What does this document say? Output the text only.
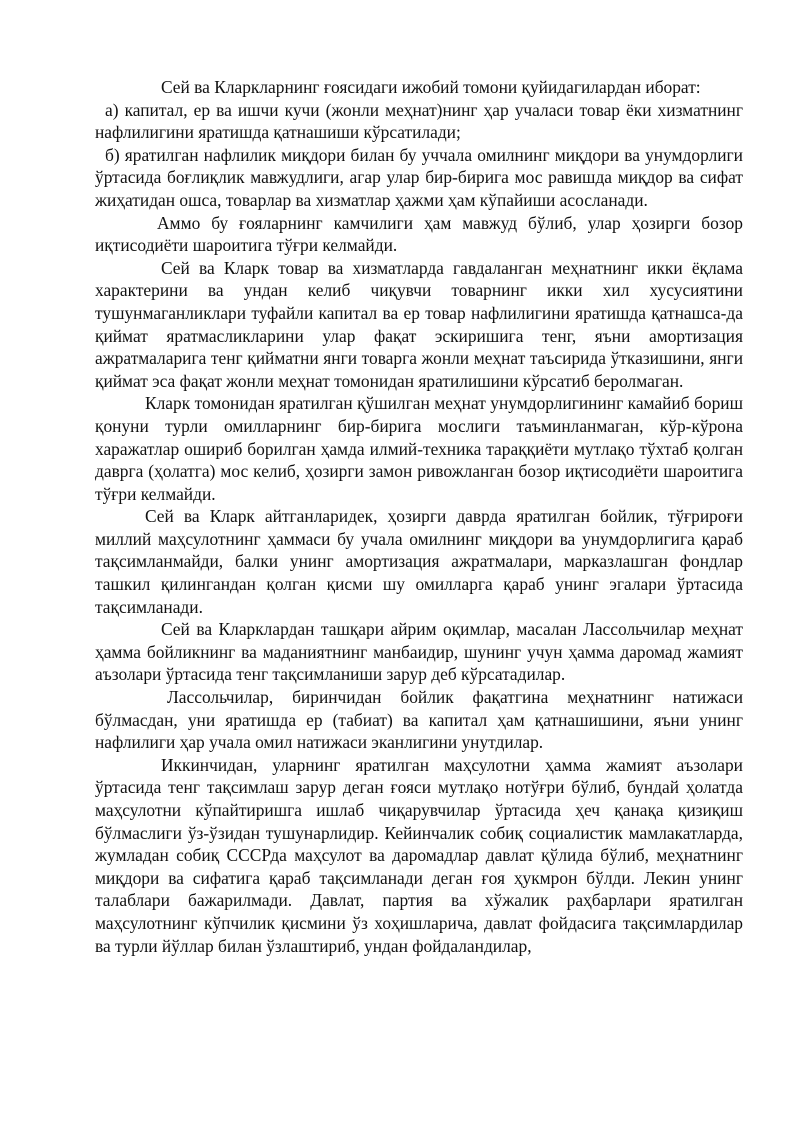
Сей ва Кларкларнинг ғоясидаги ижобий томони қуйидагилардан иборат:

а) капитал, ер ва ишчи кучи (жонли меҳнат)нинг ҳар учаласи товар ёки хизматнинг нафлилигини яратишда қатнашиши кўрсатилади;

б) яратилган нафлилик миқдори билан бу уччала омилнинг миқдори ва унумдорлиги ўртасида боғлиқлик мавжудлиги, агар улар бир-бирига мос равишда миқдор ва сифат жиҳатидан ошса, товарлар ва хизматлар ҳажми ҳам кўпайиши асосланади.

Аммо бу ғояларнинг камчилиги ҳам мавжуд бўлиб, улар ҳозирги бозор иқтисодиёти шароитига тўғри келмайди.

Сей ва Кларк товар ва хизматларда гавдаланган меҳнатнинг икки ёқлама характерини ва ундан келиб чиқувчи товарнинг икки хил хусусиятини тушунмаганликлари туфайли капитал ва ер товар нафлилигини яратишда қатнашса-да қиймат яратмасликларини улар фақат эскиришига тенг, яъни амортизация ажратмаларига тенг қийматни янги товарга жонли меҳнат таъсирида ўтказишини, янги қиймат эса фақат жонли меҳнат томонидан яратилишини кўрсатиб беролмаган.

Кларк томонидан яратилган қўшилган меҳнат унумдорлигининг камайиб бориш қонуни турли омилларнинг бир-бирига мослиги таъминланмаган, кўр-кўрона харажатлар ошириб борилган ҳамда илмий-техника тараққиёти мутлақо тўхтаб қолган даврга (ҳолатга) мос келиб, ҳозирги замон ривожланган бозор иқтисодиёти шароитига тўғри келмайди.

Сей ва Кларк айтганларидек, ҳозирги даврда яратилган бойлик, тўғрироғи миллий маҳсулотнинг ҳаммаси бу учала омилнинг миқдори ва унумдорлигига қараб тақсимланмайди, балки унинг амортизация ажратмалари, марказлашган фондлар ташкил қилингандан қолган қисми шу омилларга қараб унинг эгалари ўртасида тақсимланади.

Сей ва Кларклардан ташқари айрим оқимлар, масалан Лассольчилар меҳнат ҳамма бойликнинг ва маданиятнинг манбаидир, шунинг учун ҳамма даромад жамият аъзолари ўртасида тенг тақсимланиши зарур деб кўрсатадилар.

Лассольчилар, биринчидан бойлик фақатгина меҳнатнинг натижаси бўлмасдан, уни яратишда ер (табиат) ва капитал ҳам қатнашишини, яъни унинг нафлилиги ҳар учала омил натижаси эканлигини унутдилар.

Иккинчидан, уларнинг яратилган маҳсулотни ҳамма жамият аъзолари ўртасида тенг тақсимлаш зарур деган ғояси мутлақо нотўғри бўлиб, бундай ҳолатда маҳсулотни кўпайтиришга ишлаб чиқарувчилар ўртасида ҳеч қанақа қизиқиш бўлмаслиги ўз-ўзидан тушунарлидир. Кейинчалик собиқ социалистик мамлакатларда, жумладан собиқ СССРда маҳсулот ва даромадлар давлат қўлида бўлиб, меҳнатнинг миқдори ва сифатига қараб тақсимланади деган ғоя ҳукмрон бўлди. Лекин унинг талаблари бажарилмади. Давлат, партия ва хўжалик раҳбарлари яратилган маҳсулотнинг кўпчилик қисмини ўз хоҳишларича, давлат фойдасига тақсимлардилар ва турли йўллар билан ўзлаштириб, ундан фойдаландилар,
